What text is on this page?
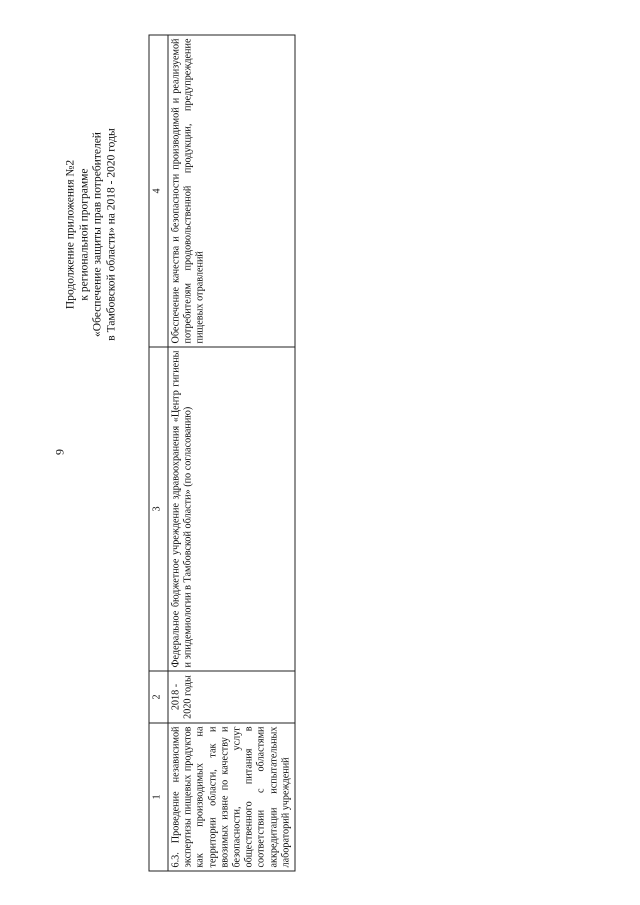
9
Продолжение приложения №2 к региональной программе «Обеспечение защиты прав потребителей в Тамбовской области» на 2018 - 2020 годы
1	2	3	4
6.3. Проведение независимой экспертизы пищевых продуктов как производимых на территории области, так и ввозимых извне по качеству и безопасности, услуг общественного питания в соответствии с областями аккредитации испытательных лабораторий учреждений	2018 - 2020 годы	Федеральное бюджетное учреждение здравоохранения «Центр гигиены и эпидемиологии в Тамбовской области» (по согласованию)	Обеспечение качества и безопасности производимой и реализуемой потребителям продовольственной продукции, предупреждение пищевых отравлений
